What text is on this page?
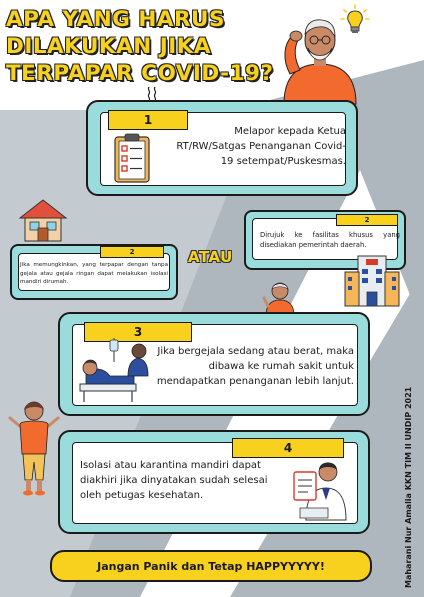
APA YANG HARUS
DILAKUKAN JIKA
TERPAPAR COVID-19?
1
Melapor kepada Ketua RT/RW/Satgas Penanganan Covid-19 setempat/Puskesmas.
2
Jika memungkinkan, yang terpapar dengan tanpa gejala atau gejala ringan dapat melakukan isolasi mandiri dirumah.
ATAU
2
Dirujuk ke fasilitas khusus yang disediakan pemerintah daerah.
3
Jika bergejala sedang atau berat, maka dibawa ke rumah sakit untuk mendapatkan penanganan lebih lanjut.
4
Isolasi atau karantina mandiri dapat diakhiri jika dinyatakan sudah selesai oleh petugas kesehatan.
Jangan Panik dan Tetap HAPPYYYYY!	Maharani Nur Amalia KKN TIM II UNDIP 2021
